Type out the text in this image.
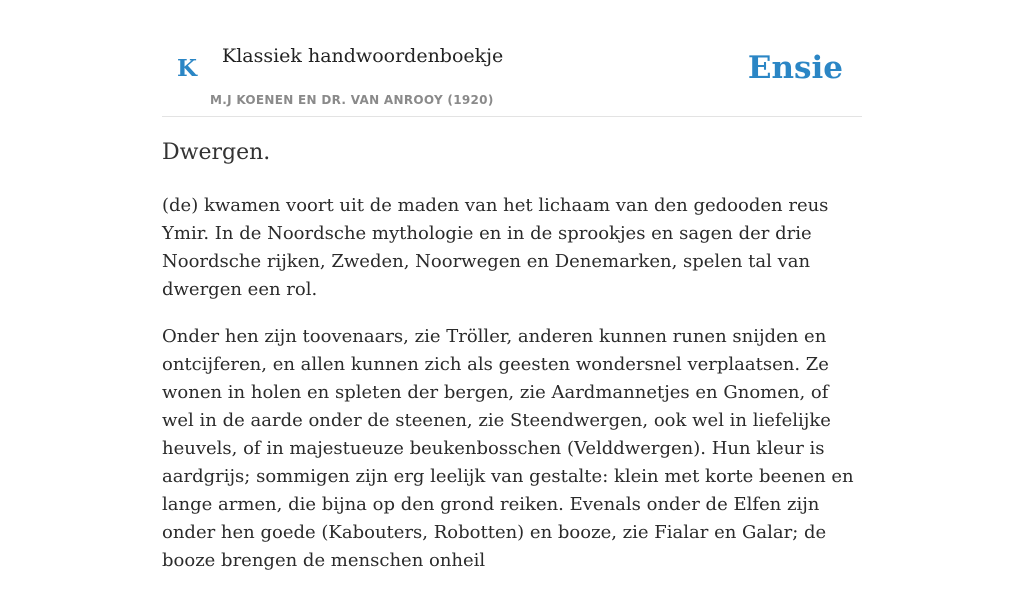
K Klassiek handwoordenboekje
M.J KOENEN EN DR. VAN ANROOY (1920)
Ensie
Dwergen.

(de) kwamen voort uit de maden van het lichaam van den gedooden reus Ymir. In de Noordsche mythologie en in de sprookjes en sagen der drie Noordsche rijken, Zweden, Noorwegen en Denemarken, spelen tal van dwergen een rol.

Onder hen zijn toovenaars, zie Tröller, anderen kunnen runen snijden en ontcijferen, en allen kunnen zich als geesten wondersnel verplaatsen. Ze wonen in holen en spleten der bergen, zie Aardmannetjes en Gnomen, of wel in de aarde onder de steenen, zie Steendwergen, ook wel in liefelijke heuvels, of in majestueuze beukenbosschen (Velddwergen). Hun kleur is aardgrijs; sommigen zijn erg leelijk van gestalte: klein met korte beenen en lange armen, die bijna op den grond reiken. Evenals onder de Elfen zijn onder hen goede (Kabouters, Robotten) en booze, zie Fialar en Galar; de booze brengen de menschen onheil
